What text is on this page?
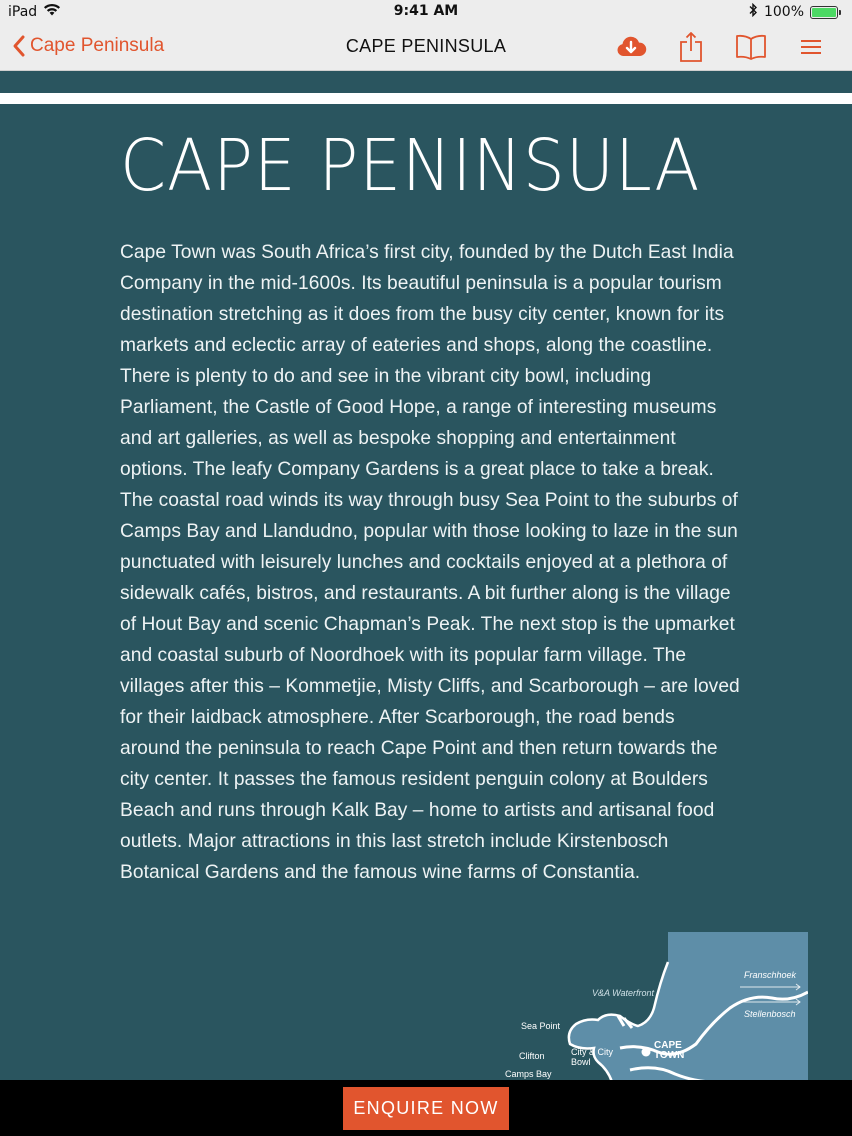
iPad	9:41 AM	100%
Cape Peninsula	CAPE PENINSULA
CAPE PENINSULA

Cape Town was South Africa’s first city, founded by the Dutch East India Company in the mid-1600s. Its beautiful peninsula is a popular tourism destination stretching as it does from the busy city center, known for its markets and eclectic array of eateries and shops, along the coastline. There is plenty to do and see in the vibrant city bowl, including Parliament, the Castle of Good Hope, a range of interesting museums and art galleries, as well as bespoke shopping and entertainment options. The leafy Company Gardens is a great place to take a break. The coastal road winds its way through busy Sea Point to the suburbs of Camps Bay and Llandudno, popular with those looking to laze in the sun punctuated with leisurely lunches and cocktails enjoyed at a plethora of sidewalk cafés, bistros, and restaurants. A bit further along is the village of Hout Bay and scenic Chapman’s Peak. The next stop is the upmarket and coastal suburb of Noordhoek with its popular farm village. The villages after this – Kommetjie, Misty Cliffs, and Scarborough – are loved for their laidback atmosphere. After Scarborough, the road bends around the peninsula to reach Cape Point and then return towards the city center. It passes the famous resident penguin colony at Boulders Beach and runs through Kalk Bay – home to artists and artisanal food outlets. Major attractions in this last stretch include Kirstenbosch Botanical Gardens and the famous wine farms of Constantia.

Franschhoek
Stellenbosch
V&A Waterfront
Sea Point
Clifton
Camps Bay
City & City
Bowl
CAPE
TOWN
ENQUIRE NOW
